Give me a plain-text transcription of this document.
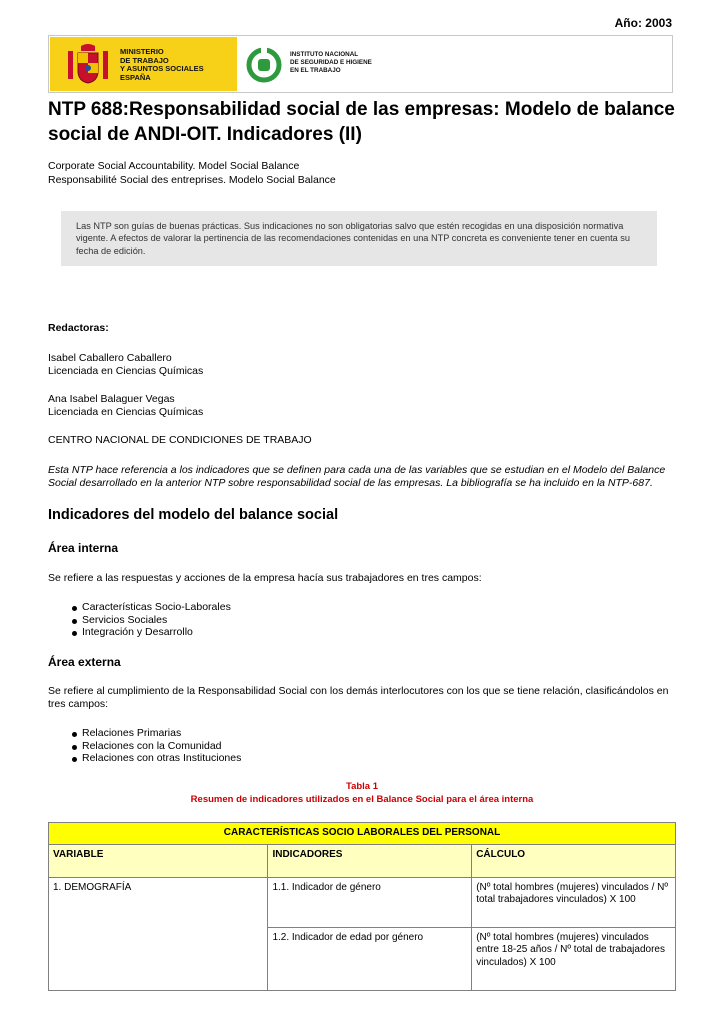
Año: 2003
MINISTERIO
DE TRABAJO
Y ASUNTOS SOCIALES
ESPAÑA
INSTITUTO NACIONAL
DE SEGURIDAD E HIGIENE
EN EL TRABAJO
NTP 688:Responsabilidad social de las empresas: Modelo de balance social de ANDI-OIT. Indicadores (II)
Corporate Social Accountability. Model Social Balance
Responsabilité Social des entreprises. Modelo Social Balance
Las NTP son guías de buenas prácticas. Sus indicaciones no son obligatorias salvo que estén recogidas en una disposición normativa vigente. A efectos de valorar la pertinencia de las recomendaciones contenidas en una NTP concreta es conveniente tener en cuenta su fecha de edición.
Redactoras:
Isabel Caballero Caballero
Licenciada en Ciencias Químicas
Ana Isabel Balaguer Vegas
Licenciada en Ciencias Químicas
CENTRO NACIONAL DE CONDICIONES DE TRABAJO
Esta NTP hace referencia a los indicadores que se definen para cada una de las variables que se estudian en el Modelo del Balance Social desarrollado en la anterior NTP sobre responsabilidad social de las empresas. La bibliografía se ha incluido en la NTP-687.
Indicadores del modelo del balance social
Área interna
Se refiere a las respuestas y acciones de la empresa hacía sus trabajadores en tres campos:
Características Socio-Laborales
Servicios Sociales
Integración y Desarrollo
Área externa
Se refiere al cumplimiento de la Responsabilidad Social con los demás interlocutores con los que se tiene relación, clasificándolos en tres campos:
Relaciones Primarias
Relaciones con la Comunidad
Relaciones con otras Instituciones
Tabla 1
Resumen de indicadores utilizados en el Balance Social para el área interna
CARACTERÍSTICAS SOCIO LABORALES DEL PERSONAL		
VARIABLE	INDICADORES	CÁLCULO
1. DEMOGRAFÍA	1.1. Indicador de género	(Nº total hombres (mujeres) vinculados / Nº total trabajadores vinculados) X 100
	1.2. Indicador de edad por género	(Nº total hombres (mujeres) vinculados entre 18-25 años / Nº total de trabajadores vinculados) X 100
